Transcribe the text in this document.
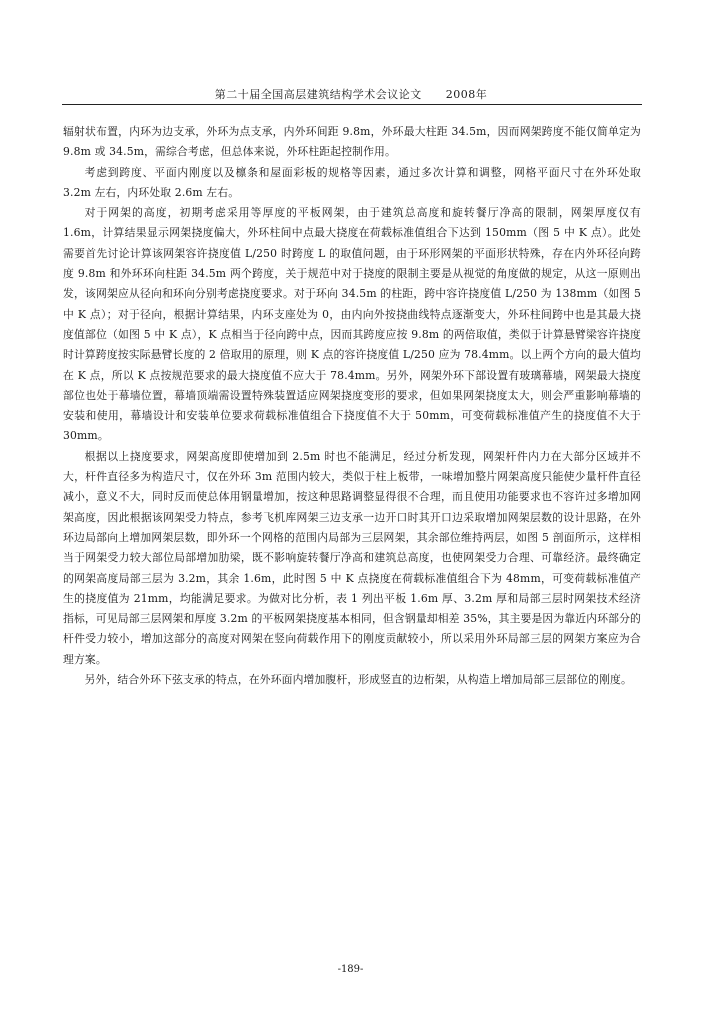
第二十届全国高层建筑结构学术会议论文 2008年

辐射状布置，内环为边支承，外环为点支承，内外环间距 9.8m，外环最大柱距 34.5m，因而网架跨度不能仅简单定为 9.8m 或 34.5m，需综合考虑，但总体来说，外环柱距起控制作用。

考虑到跨度、平面内刚度以及檩条和屋面彩板的规格等因素，通过多次计算和调整，网格平面尺寸在外环处取 3.2m 左右，内环处取 2.6m 左右。

对于网架的高度，初期考虑采用等厚度的平板网架，由于建筑总高度和旋转餐厅净高的限制，网架厚度仅有 1.6m，计算结果显示网架挠度偏大，外环柱间中点最大挠度在荷载标准值组合下达到 150mm（图 5 中 K 点）。此处需要首先讨论计算该网架容许挠度值 L/250 时跨度 L 的取值问题，由于环形网架的平面形状特殊，存在内外环径向跨度 9.8m 和外环环向柱距 34.5m 两个跨度，关于规范中对于挠度的限制主要是从视觉的角度做的规定，从这一原则出发，该网架应从径向和环向分别考虑挠度要求。对于环向 34.5m 的柱距，跨中容许挠度值 L/250 为 138mm（如图 5 中 K 点）；对于径向，根据计算结果，内环支座处为 0，由内向外按挠曲线特点逐渐变大，外环柱间跨中也是其最大挠度值部位（如图 5 中 K 点），K 点相当于径向跨中点，因而其跨度应按 9.8m 的两倍取值，类似于计算悬臂梁容许挠度时计算跨度按实际悬臂长度的 2 倍取用的原理，则 K 点的容许挠度值 L/250 应为 78.4mm。以上两个方向的最大值均在 K 点，所以 K 点按规范要求的最大挠度值不应大于 78.4mm。另外，网架外环下部设置有玻璃幕墙，网架最大挠度部位也处于幕墙位置，幕墙顶端需设置特殊装置适应网架挠度变形的要求，但如果网架挠度太大，则会严重影响幕墙的安装和使用，幕墙设计和安装单位要求荷载标准值组合下挠度值不大于 50mm，可变荷载标准值产生的挠度值不大于 30mm。

根据以上挠度要求，网架高度即使增加到 2.5m 时也不能满足，经过分析发现，网架杆件内力在大部分区域并不大，杆件直径多为构造尺寸，仅在外环 3m 范围内较大，类似于柱上板带，一味增加整片网架高度只能使少量杆件直径减小，意义不大，同时反而使总体用钢量增加，按这种思路调整显得很不合理，而且使用功能要求也不容许过多增加网架高度，因此根据该网架受力特点，参考飞机库网架三边支承一边开口时其开口边采取增加网架层数的设计思路，在外环边局部向上增加网架层数，即外环一个网格的范围内局部为三层网架，其余部位维持两层，如图 5 剖面所示，这样相当于网架受力较大部位局部增加肋梁，既不影响旋转餐厅净高和建筑总高度，也使网架受力合理、可靠经济。最终确定的网架高度局部三层为 3.2m，其余 1.6m，此时图 5 中 K 点挠度在荷载标准值组合下为 48mm，可变荷载标准值产生的挠度值为 21mm，均能满足要求。为做对比分析，表 1 列出平板 1.6m 厚、3.2m 厚和局部三层时网架技术经济指标，可见局部三层网架和厚度 3.2m 的平板网架挠度基本相同，但含钢量却相差 35%，其主要是因为靠近内环部分的杆件受力较小，增加这部分的高度对网架在竖向荷载作用下的刚度贡献较小，所以采用外环局部三层的网架方案应为合理方案。

另外，结合外环下弦支承的特点，在外环面内增加腹杆，形成竖直的边桁架，从构造上增加局部三层部位的刚度。

-189-
